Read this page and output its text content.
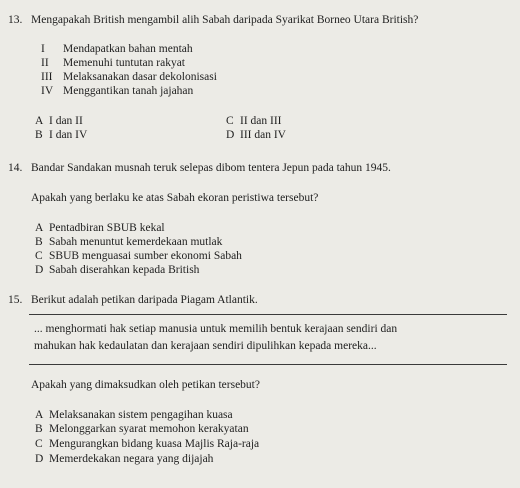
13. Mengapakah British mengambil alih Sabah daripada Syarikat Borneo Utara British?
I Mendapatkan bahan mentah
II Memenuhi tuntutan rakyat
III Melaksanakan dasar dekolonisasi
IV Menggantikan tanah jajahan
A I dan II
B I dan IV
C II dan III
D III dan IV
14. Bandar Sandakan musnah teruk selepas dibom tentera Jepun pada tahun 1945.
Apakah yang berlaku ke atas Sabah ekoran peristiwa tersebut?
A Pentadbiran SBUB kekal
B Sabah menuntut kemerdekaan mutlak
C SBUB menguasai sumber ekonomi Sabah
D Sabah diserahkan kepada British
15. Berikut adalah petikan daripada Piagam Atlantik.
... menghormati hak setiap manusia untuk memilih bentuk kerajaan sendiri dan
mahukan hak kedaulatan dan kerajaan sendiri dipulihkan kepada mereka...
Apakah yang dimaksudkan oleh petikan tersebut?
A Melaksanakan sistem pengagihan kuasa
B Melonggarkan syarat memohon kerakyatan
C Mengurangkan bidang kuasa Majlis Raja-raja
D Memerdekakan negara yang dijajah
